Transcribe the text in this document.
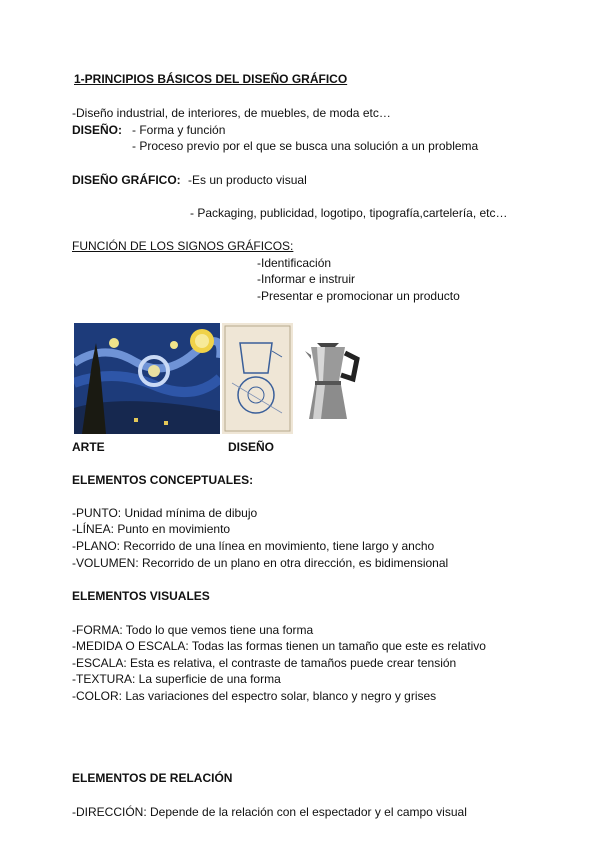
1-PRINCIPIOS BÁSICOS DEL DISEÑO GRÁFICO
-Diseño industrial, de interiores, de muebles, de moda etc…
DISEÑO: - Forma y función
- Proceso previo por el que se busca una solución a un problema
DISEÑO GRÁFICO: -Es un producto visual
- Packaging, publicidad, logotipo, tipografía,cartelería, etc…
FUNCIÓN DE LOS SIGNOS GRÁFICOS:
-Identificación
-Informar e instruir
-Presentar e promocionar un producto
ARTE	DISEÑO
ELEMENTOS CONCEPTUALES:
-PUNTO: Unidad mínima de dibujo
-LÍNEA: Punto en movimiento
-PLANO: Recorrido de una línea en movimiento, tiene largo y ancho
-VOLUMEN: Recorrido de un plano en otra dirección, es bidimensional
ELEMENTOS VISUALES
-FORMA: Todo lo que vemos tiene una forma
-MEDIDA O ESCALA: Todas las formas tienen un tamaño que este es relativo
-ESCALA: Esta es relativa, el contraste de tamaños puede crear tensión
-TEXTURA: La superficie de una forma
-COLOR: Las variaciones del espectro solar, blanco y negro y grises
ELEMENTOS DE RELACIÓN
-DIRECCIÓN: Depende de la relación con el espectador y el campo visual
